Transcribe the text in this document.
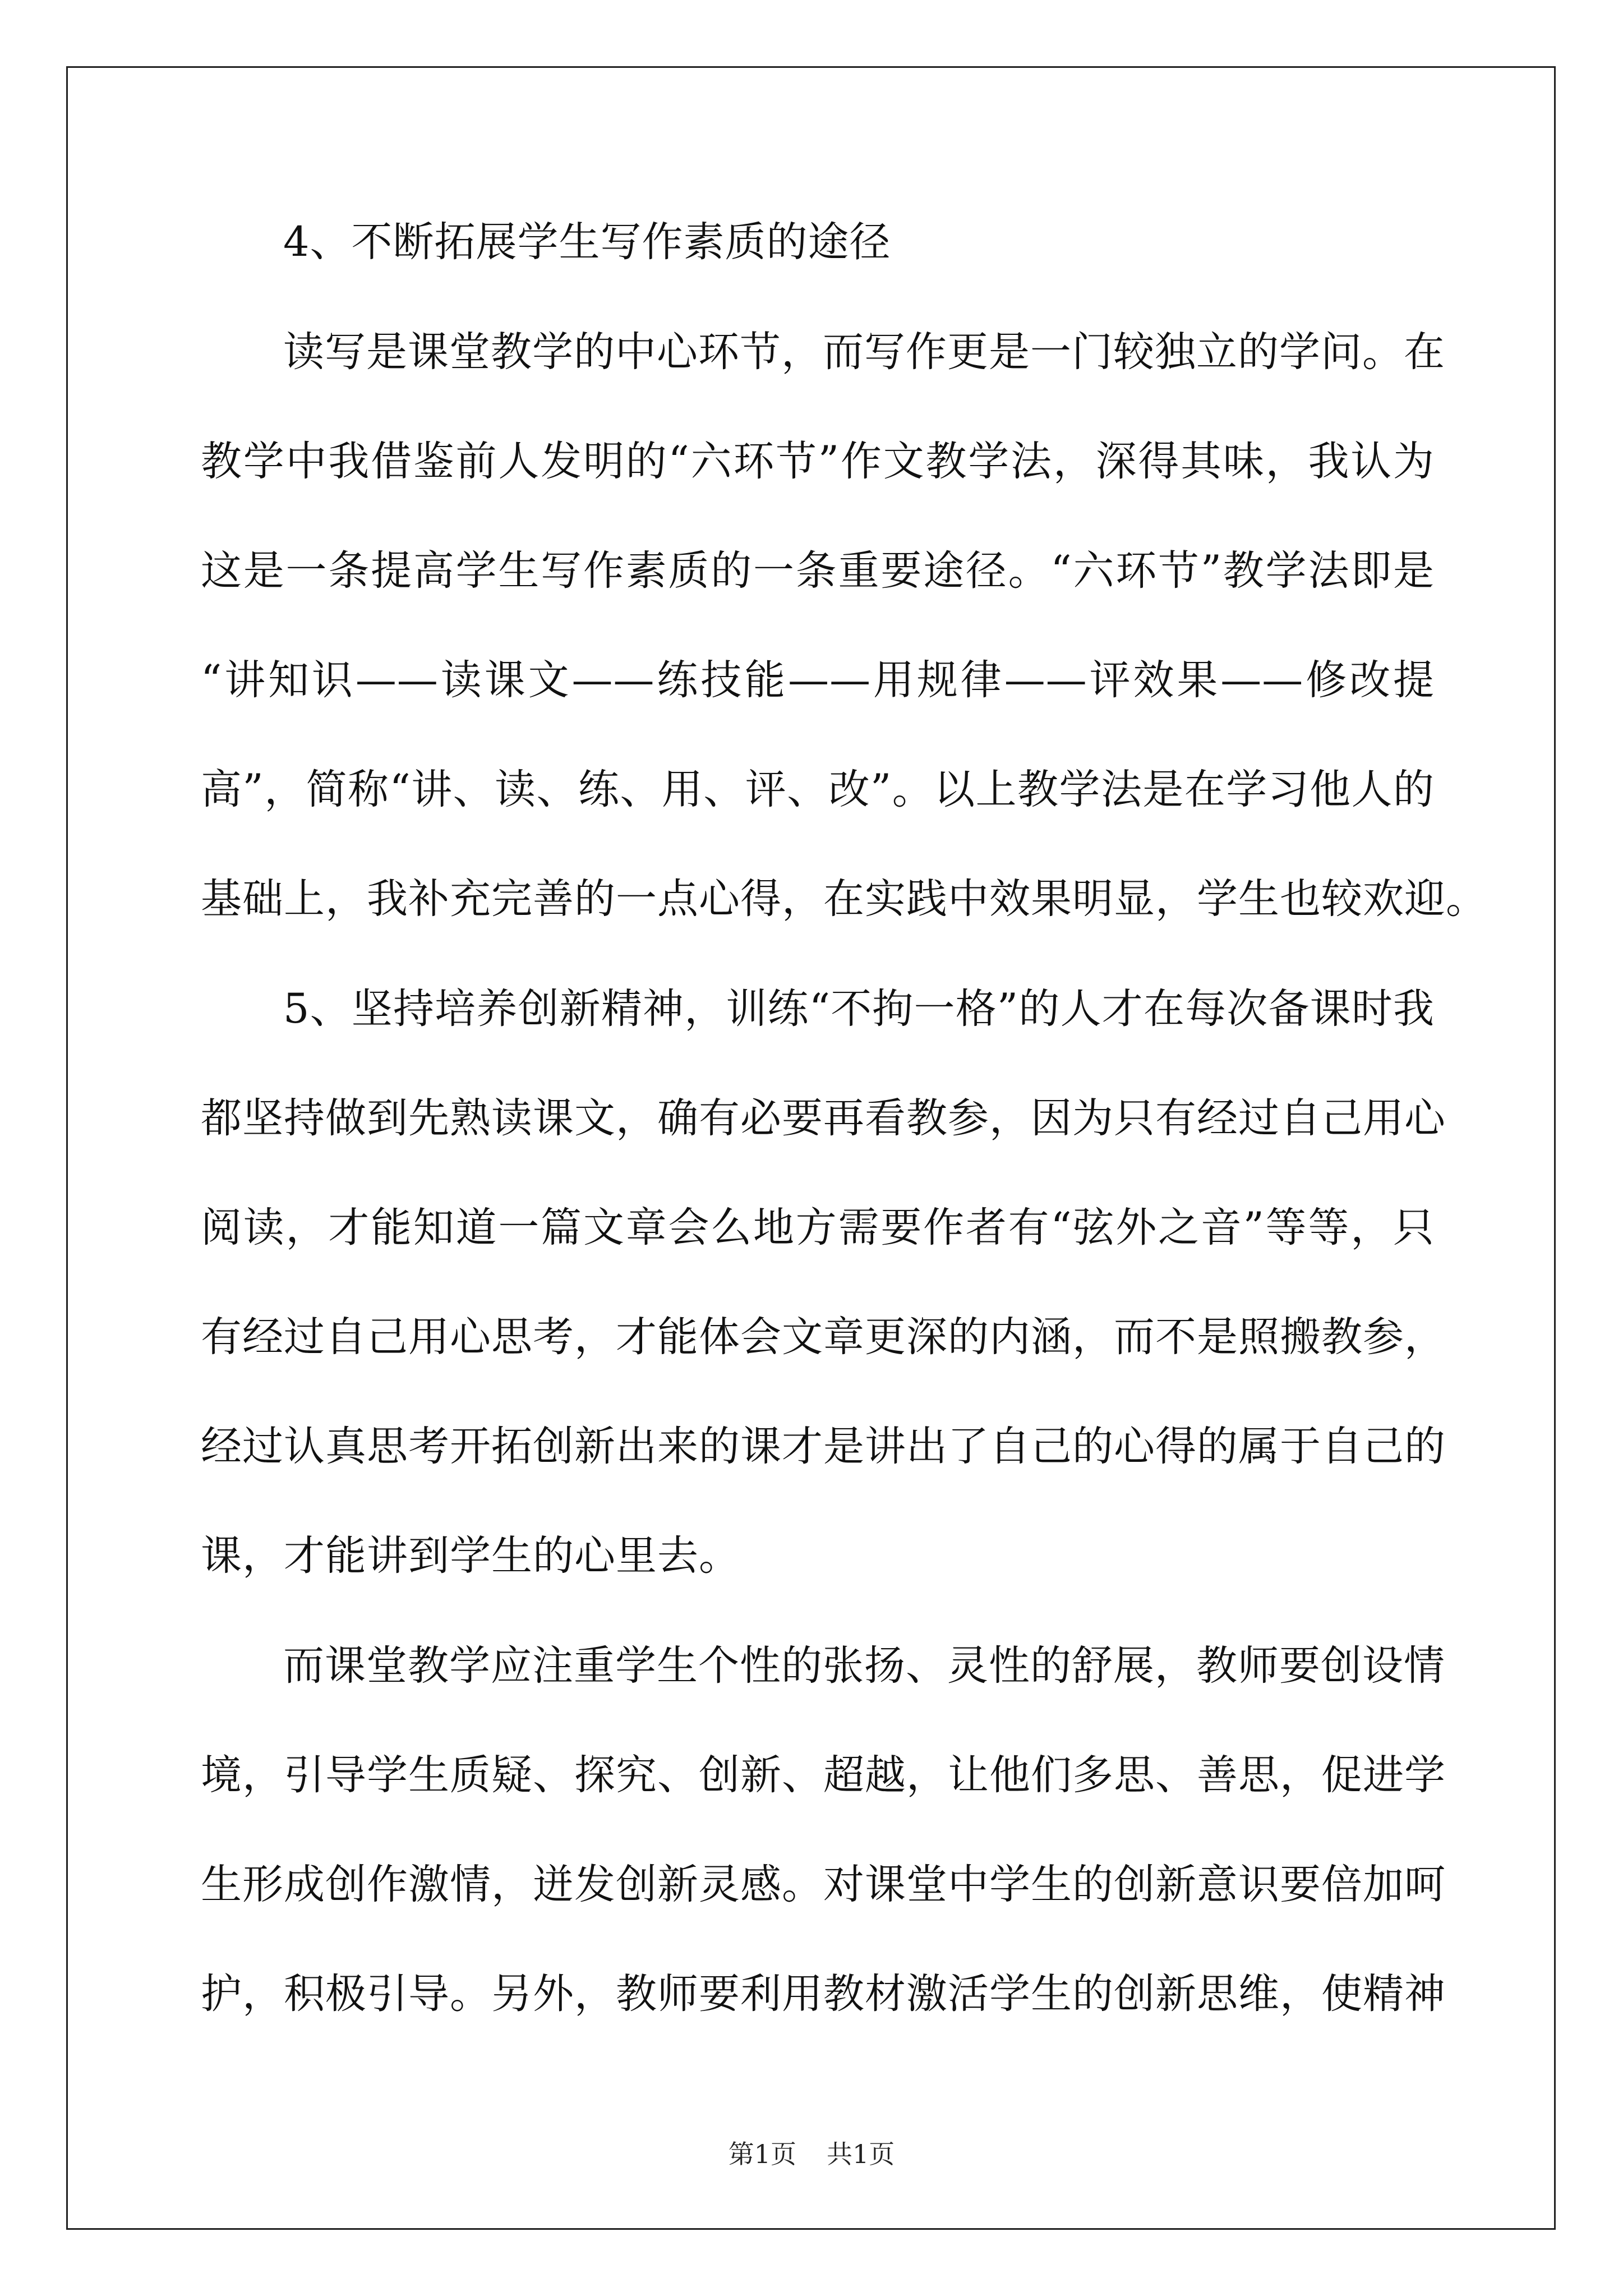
4、不断拓展学生写作素质的途径
读写是课堂教学的中心环节，而写作更是一门较独立的学问。在
教学中我借鉴前人发明的“六环节”作文教学法，深得其味，我认为
这是一条提高学生写作素质的一条重要途径。“六环节”教学法即是
“讲知识——读课文——练技能——用规律——评效果——修改提
高”，简称“讲、读、练、用、评、改”。以上教学法是在学习他人的
基础上，我补充完善的一点心得，在实践中效果明显，学生也较欢迎。
5、坚持培养创新精神，训练“不拘一格”的人才在每次备课时我
都坚持做到先熟读课文，确有必要再看教参，因为只有经过自己用心
阅读，才能知道一篇文章会么地方需要作者有“弦外之音”等等，只
有经过自己用心思考，才能体会文章更深的内涵，而不是照搬教参，
经过认真思考开拓创新出来的课才是讲出了自己的心得的属于自己的
课，才能讲到学生的心里去。
而课堂教学应注重学生个性的张扬、灵性的舒展，教师要创设情
境，引导学生质疑、探究、创新、超越，让他们多思、善思，促进学
生形成创作激情，迸发创新灵感。对课堂中学生的创新意识要倍加呵
护，积极引导。另外，教师要利用教材激活学生的创新思维，使精神
第1页 共1页
